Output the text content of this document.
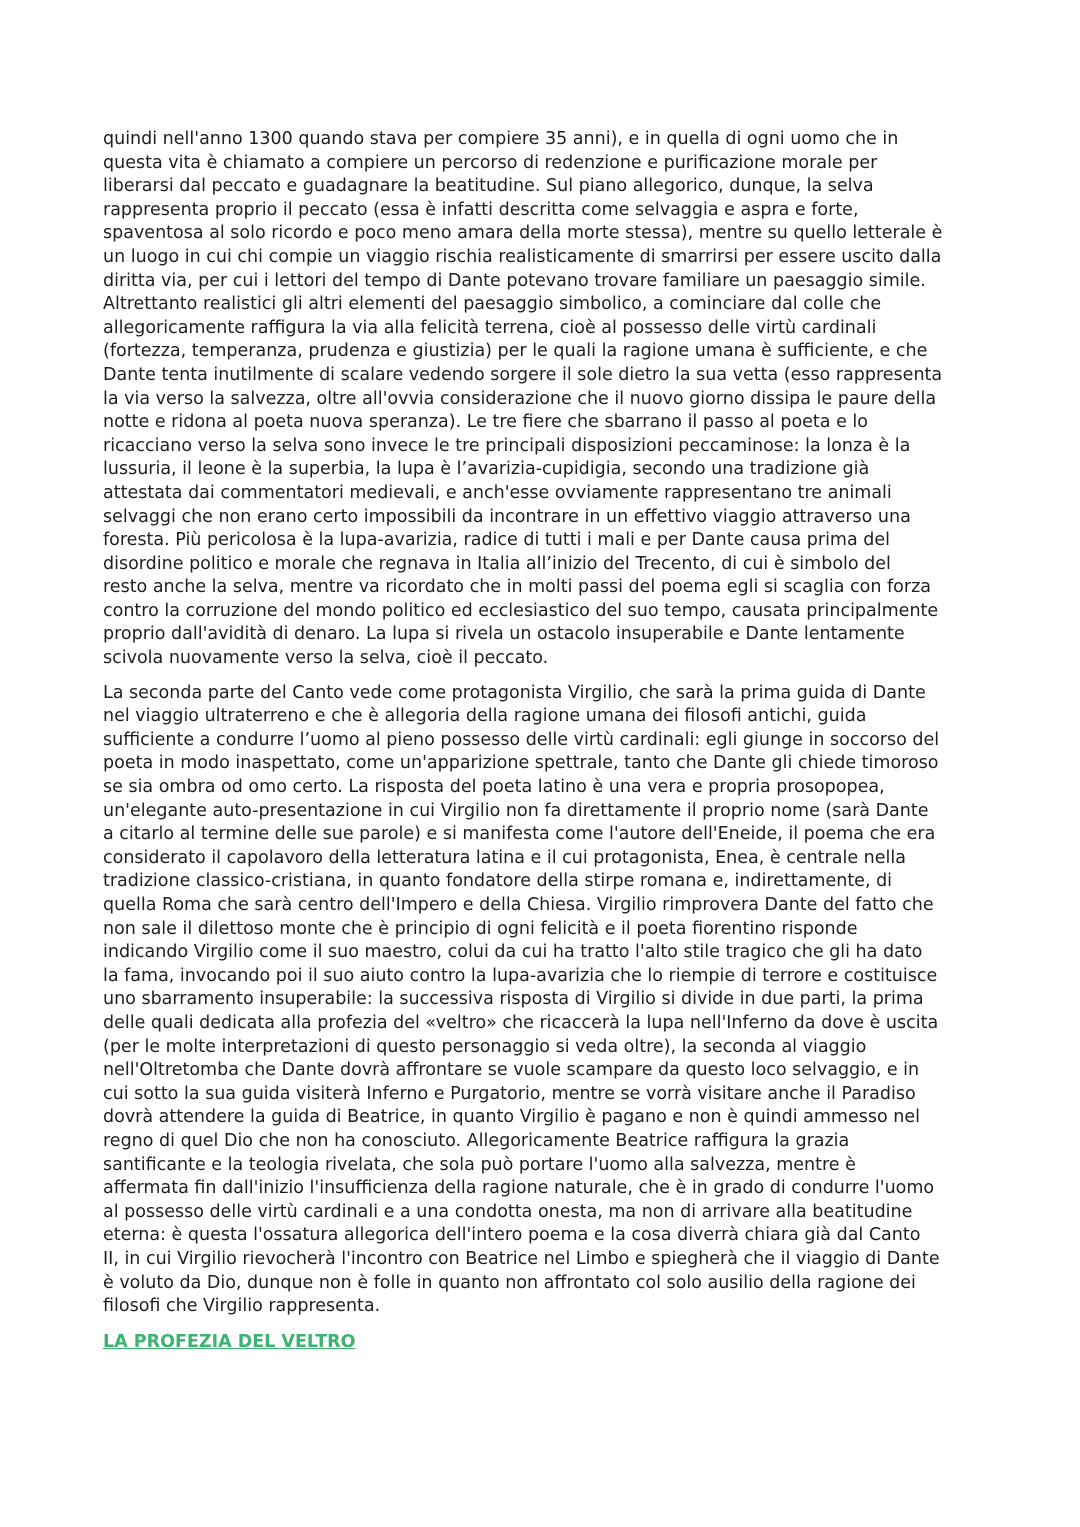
quindi nell'anno 1300 quando stava per compiere 35 anni), e in quella di ogni uomo che in
questa vita è chiamato a compiere un percorso di redenzione e purificazione morale per
liberarsi dal peccato e guadagnare la beatitudine. Sul piano allegorico, dunque, la selva
rappresenta proprio il peccato (essa è infatti descritta come selvaggia e aspra e forte,
spaventosa al solo ricordo e poco meno amara della morte stessa), mentre su quello letterale è
un luogo in cui chi compie un viaggio rischia realisticamente di smarrirsi per essere uscito dalla
diritta via, per cui i lettori del tempo di Dante potevano trovare familiare un paesaggio simile.
Altrettanto realistici gli altri elementi del paesaggio simbolico, a cominciare dal colle che
allegoricamente raffigura la via alla felicità terrena, cioè al possesso delle virtù cardinali
(fortezza, temperanza, prudenza e giustizia) per le quali la ragione umana è sufficiente, e che
Dante tenta inutilmente di scalare vedendo sorgere il sole dietro la sua vetta (esso rappresenta
la via verso la salvezza, oltre all'ovvia considerazione che il nuovo giorno dissipa le paure della
notte e ridona al poeta nuova speranza). Le tre fiere che sbarrano il passo al poeta e lo
ricacciano verso la selva sono invece le tre principali disposizioni peccaminose: la lonza è la
lussuria, il leone è la superbia, la lupa è l’avarizia-cupidigia, secondo una tradizione già
attestata dai commentatori medievali, e anch'esse ovviamente rappresentano tre animali
selvaggi che non erano certo impossibili da incontrare in un effettivo viaggio attraverso una
foresta. Più pericolosa è la lupa-avarizia, radice di tutti i mali e per Dante causa prima del
disordine politico e morale che regnava in Italia all’inizio del Trecento, di cui è simbolo del
resto anche la selva, mentre va ricordato che in molti passi del poema egli si scaglia con forza
contro la corruzione del mondo politico ed ecclesiastico del suo tempo, causata principalmente
proprio dall'avidità di denaro. La lupa si rivela un ostacolo insuperabile e Dante lentamente
scivola nuovamente verso la selva, cioè il peccato.

La seconda parte del Canto vede come protagonista Virgilio, che sarà la prima guida di Dante
nel viaggio ultraterreno e che è allegoria della ragione umana dei filosofi antichi, guida
sufficiente a condurre l’uomo al pieno possesso delle virtù cardinali: egli giunge in soccorso del
poeta in modo inaspettato, come un'apparizione spettrale, tanto che Dante gli chiede timoroso
se sia ombra od omo certo. La risposta del poeta latino è una vera e propria prosopopea,
un'elegante auto-presentazione in cui Virgilio non fa direttamente il proprio nome (sarà Dante
a citarlo al termine delle sue parole) e si manifesta come l'autore dell'Eneide, il poema che era
considerato il capolavoro della letteratura latina e il cui protagonista, Enea, è centrale nella
tradizione classico-cristiana, in quanto fondatore della stirpe romana e, indirettamente, di
quella Roma che sarà centro dell'Impero e della Chiesa. Virgilio rimprovera Dante del fatto che
non sale il dilettoso monte che è principio di ogni felicità e il poeta fiorentino risponde
indicando Virgilio come il suo maestro, colui da cui ha tratto l'alto stile tragico che gli ha dato
la fama, invocando poi il suo aiuto contro la lupa-avarizia che lo riempie di terrore e costituisce
uno sbarramento insuperabile: la successiva risposta di Virgilio si divide in due parti, la prima
delle quali dedicata alla profezia del «veltro» che ricaccerà la lupa nell'Inferno da dove è uscita
(per le molte interpretazioni di questo personaggio si veda oltre), la seconda al viaggio
nell'Oltretomba che Dante dovrà affrontare se vuole scampare da questo loco selvaggio, e in
cui sotto la sua guida visiterà Inferno e Purgatorio, mentre se vorrà visitare anche il Paradiso
dovrà attendere la guida di Beatrice, in quanto Virgilio è pagano e non è quindi ammesso nel
regno di quel Dio che non ha conosciuto. Allegoricamente Beatrice raffigura la grazia
santificante e la teologia rivelata, che sola può portare l'uomo alla salvezza, mentre è
affermata fin dall'inizio l'insufficienza della ragione naturale, che è in grado di condurre l'uomo
al possesso delle virtù cardinali e a una condotta onesta, ma non di arrivare alla beatitudine
eterna: è questa l'ossatura allegorica dell'intero poema e la cosa diverrà chiara già dal Canto
II, in cui Virgilio rievocherà l'incontro con Beatrice nel Limbo e spiegherà che il viaggio di Dante
è voluto da Dio, dunque non è folle in quanto non affrontato col solo ausilio della ragione dei
filosofi che Virgilio rappresenta.

LA PROFEZIA DEL VELTRO
